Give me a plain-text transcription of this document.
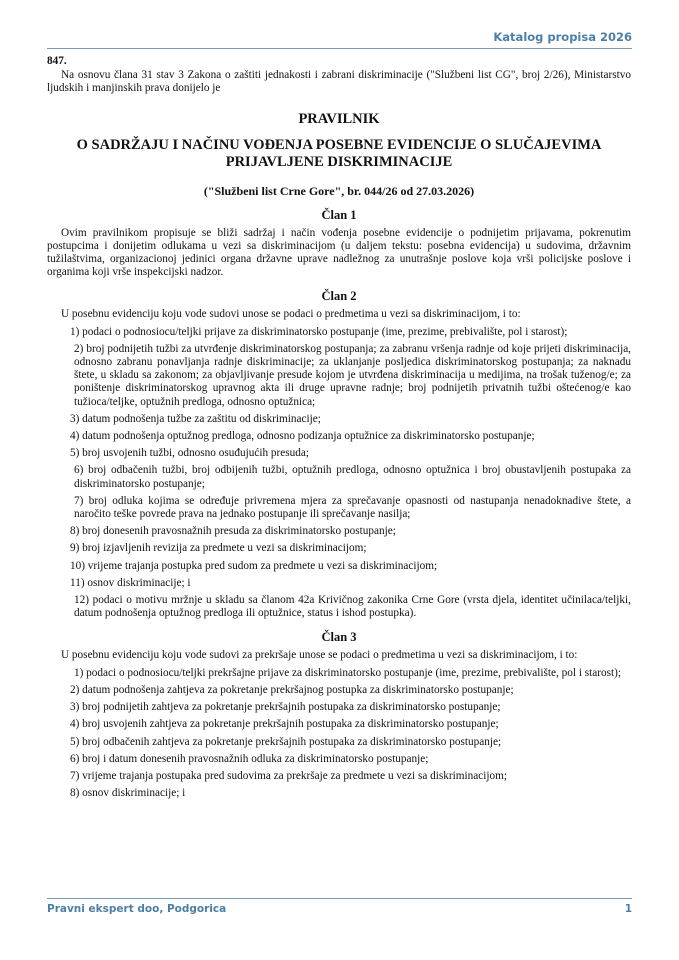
Katalog propisa 2026
847.

Na osnovu člana 31 stav 3 Zakona o zaštiti jednakosti i zabrani diskriminacije ("Službeni list CG", broj 2/26), Ministarstvo ljudskih i manjinskih prava donijelo je

PRAVILNIK
O SADRŽAJU I NAČINU VOĐENJA POSEBNE EVIDENCIJE O SLUČAJEVIMA PRIJAVLJENE DISKRIMINACIJE
("Službeni list Crne Gore", br. 044/26 od 27.03.2026)
Član 1

Ovim pravilnikom propisuje se bliži sadržaj i način vođenja posebne evidencije o podnijetim prijavama, pokrenutim postupcima i donijetim odlukama u vezi sa diskriminacijom (u daljem tekstu: posebna evidencija) u sudovima, državnim tužilaštvima, organizacionoj jedinici organa državne uprave nadležnog za unutrašnje poslove koja vrši policijske poslove i organima koji vrše inspekcijski nadzor.

Član 2

U posebnu evidenciju koju vode sudovi unose se podaci o predmetima u vezi sa diskriminacijom, i to:

1) podaci o podnosiocu/teljki prijave za diskriminatorsko postupanje (ime, prezime, prebivalište, pol i starost);
2) broj podnijetih tužbi za utvrđenje diskriminatorskog postupanja; za zabranu vršenja radnje od koje prijeti diskriminacija, odnosno zabranu ponavljanja radnje diskriminacije; za uklanjanje posljedica diskriminatorskog postupanja; za naknadu štete, u skladu sa zakonom; za objavljivanje presude kojom je utvrđena diskriminacija u medijima, na trošak tuženog/e; za poništenje diskriminatorskog upravnog akta ili druge upravne radnje; broj podnijetih privatnih tužbi oštećenog/e kao tužioca/teljke, optužnih predloga, odnosno optužnica;
3) datum podnošenja tužbe za zaštitu od diskriminacije;
4) datum podnošenja optužnog predloga, odnosno podizanja optužnice za diskriminatorsko postupanje;
5) broj usvojenih tužbi, odnosno osuđujućih presuda;
6) broj odbačenih tužbi, broj odbijenih tužbi, optužnih predloga, odnosno optužnica i broj obustavljenih postupaka za diskriminatorsko postupanje;
7) broj odluka kojima se određuje privremena mjera za sprečavanje opasnosti od nastupanja nenadoknadive štete, a naročito teške povrede prava na jednako postupanje ili sprečavanje nasilja;
8) broj donesenih pravosnažnih presuda za diskriminatorsko postupanje;
9) broj izjavljenih revizija za predmete u vezi sa diskriminacijom;
10) vrijeme trajanja postupka pred sudom za predmete u vezi sa diskriminacijom;
11) osnov diskriminacije; i
12) podaci o motivu mržnje u skladu sa članom 42a Krivičnog zakonika Crne Gore (vrsta djela, identitet učinilaca/telјki, datum podnošenja optužnog predloga ili optužnice, status i ishod postupka).
Član 3

U posebnu evidenciju koju vode sudovi za prekršaje unose se podaci o predmetima u vezi sa diskriminacijom, i to:

1) podaci o podnosiocu/teljki prekršajne prijave za diskriminatorsko postupanje (ime, prezime, prebivalište, pol i starost);
2) datum podnošenja zahtjeva za pokretanje prekršajnog postupka za diskriminatorsko postupanje;
3) broj podnijetih zahtjeva za pokretanje prekršajnih postupaka za diskriminatorsko postupanje;
4) broj usvojenih zahtjeva za pokretanje prekršajnih postupaka za diskriminatorsko postupanje;
5) broj odbačenih zahtjeva za pokretanje prekršajnih postupaka za diskriminatorsko postupanje;
6) broj i datum donesenih pravosnažnih odluka za diskriminatorsko postupanje;
7) vrijeme trajanja postupaka pred sudovima za prekršaje za predmete u vezi sa diskriminacijom;
8) osnov diskriminacije; i
Pravni ekspert doo, Podgorica	1
